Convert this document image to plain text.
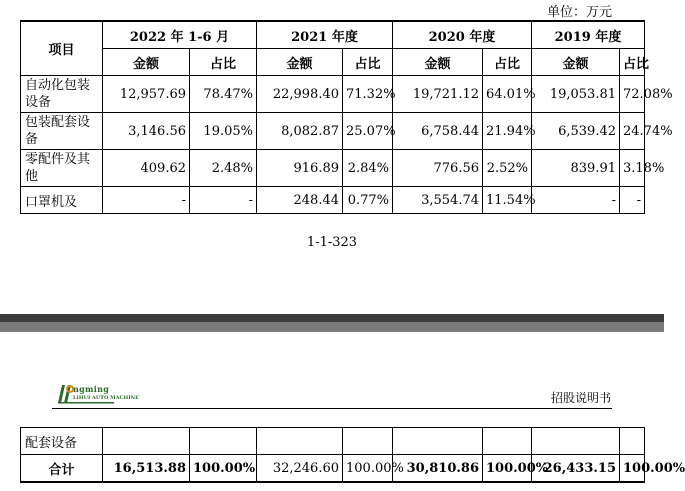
单位：万元
项目	2022 年 1-6 月		2021 年度		2020 年度		2019 年度	
	金额	占比	金额	占比	金额	占比	金额	占比
自动化包装设备	12,957.69	78.47%	22,998.40	71.32%	19,721.12	64.01%	19,053.81	72.08%
包装配套设备	3,146.56	19.05%	8,082.87	25.07%	6,758.44	21.94%	6,539.42	24.74%
零配件及其他	409.62	2.48%	916.89	2.84%	776.56	2.52%	839.91	3.18%
口罩机及	-	-	248.44	0.77%	3,554.74	11.54%	-	-
1-1-323
ngming
LIHUI AUTO MACHINE	招股说明书
配套设备								
合计	16,513.88	100.00%	32,246.60	100.00%	30,810.86	100.00%	26,433.15	100.00%
